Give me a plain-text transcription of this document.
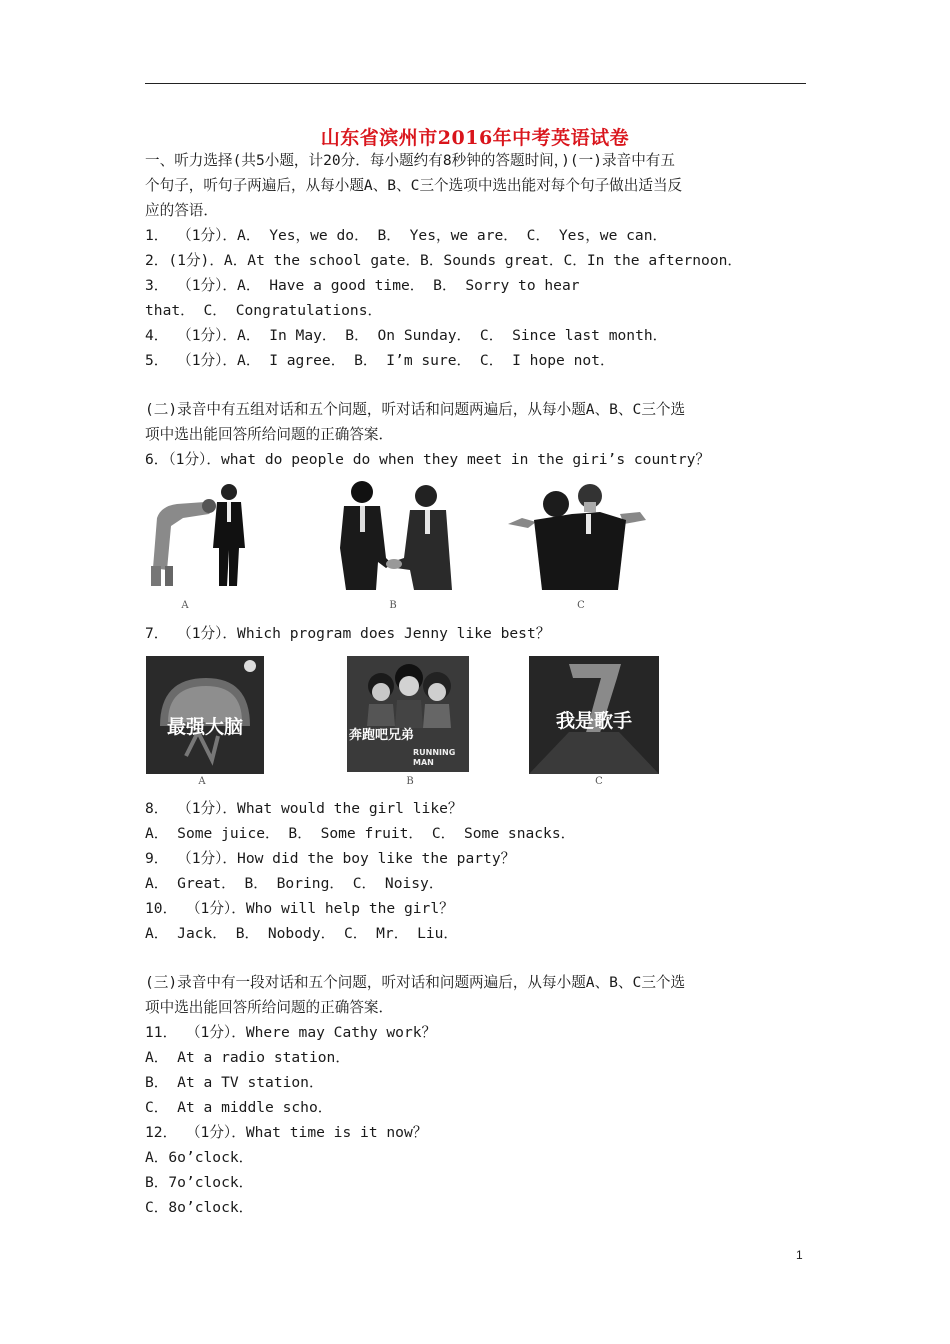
山东省滨州市2016年中考英语试卷
一、听力选择(共5小题，计20分．每小题约有8秒钟的答题时间，)(一)录音中有五
个句子，听句子两遍后，从每小题A、B、C三个选项中选出能对每个句子做出适当反
应的答语．
1． （1分）．A． Yes，we do． B． Yes，we are． C． Yes，we can．
2．(1分)．A．At the school gate．B．Sounds great．C．In the afternoon．
3． （1分）．A． Have a good time． B． Sorry to hear
that． C． Congratulations．
4． （1分）．A． In May． B． On Sunday． C． Since last month．
5． （1分）．A． I agree． B． I’m sure． C． I hope not．
(二)录音中有五组对话和五个问题，听对话和问题两遍后，从每小题A、B、C三个选
项中选出能回答所给问题的正确答案．
6．（1分）．what do people do when they meet in the giri’s country？
A	B	C
7． （1分）．Which program does Jenny like best？
最强大脑
A
奔跑吧兄弟
RUNNING MAN
B
我是歌手
C
8． （1分）．What would the girl like？
A． Some juice． B． Some fruit． C． Some snacks．
9． （1分）．How did the boy like the party？
A． Great． B． Boring． C． Noisy．
10． （1分）．Who will help the girl？
A． Jack． B． Nobody． C． Mr． Liu．
(三)录音中有一段对话和五个问题，听对话和问题两遍后，从每小题A、B、C三个选
项中选出能回答所给问题的正确答案．
11． （1分）．Where may Cathy work？
A． At a radio station．
B． At a TV station．
C． At a middle scho．
12． （1分）．What time is it now？
A．6o’clock．
B．7o’clock．
C．8o’clock．
1
